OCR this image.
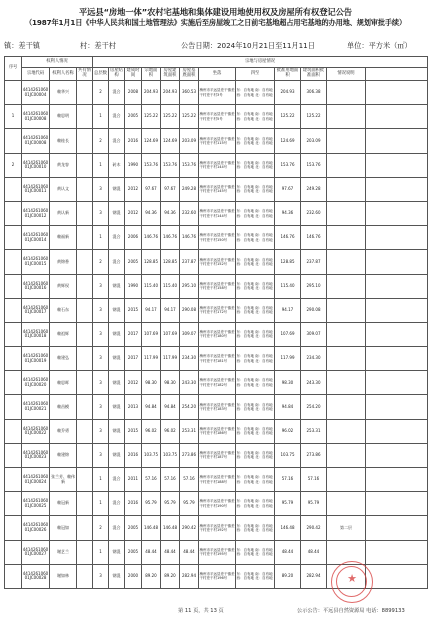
平远县“房地一体”农村宅基地和集体建设用地使用权及房屋所有权登记公告
（1987年1月1日《中华人民共和国土地管理法》实施后至房屋竣工之日前宅基地超占用宅基地的办用地、规划审批手续）
镇：差干镇	村：差干村	公告日期：2024年10月21日至11月11日	单位：平方米（㎡）
序号	权利人情况			宗地与房屋情况											
	宗地代码	权利人名称	共有情况	总层数	房屋结构	建成时间	宗地面积	房屋建筑面积	房屋基底面积	坐落	四至	批准用地面积	建筑面积批准面积	情况说明	
	441426106001JC00004	赖华兴		2	混合	2008	204.93	204.93	360.53	梅州市平远县差干镇差干村差干村3号	东：自有地 南：自有地 西：自有地 北：自有地	204.93	306.38		
1	441426106001JC00008	赖思明		1	混合	2005	125.22	125.22	125.22	梅州市平远县差干镇差干村差干村5号	东：自有地 南：自有地 西：自有地 北：自有地	125.22	125.22		
	441426106001JC00008	赖桂长		2	混合	2016	124.69	124.69	203.09	梅州市平远县差干镇差干村差干村115号	东：自有地 南：自有地 西：自有地 北：自有地	124.69	203.09		
2	441426106001JC00010	黄龙容		1	砖木	1990	153.76	153.76	153.76	梅州市平远县差干镇差干村差干村144号	东：自有地 南：自有地 西：自有地 北：自有地	153.76	153.76		
	441426106001JC00011	黄认文		3	钢混	2012	97.67	97.67	249.28	梅州市平远县差干镇差干村差干村145号	东：自有地 南：自有地 西：自有地 北：自有地	97.67	249.28		
	441426106001JC00012	黄认新		3	钢混	2012	94.36	94.36	232.60	梅州市平远县差干镇差干村差干村144号	东：自有地 南：自有地 西：自有地 北：自有地	94.36	232.60		
	441426106001JC00014	赖福新		1	混合	2006	146.76	146.76	146.76	梅州市平远县差干镇差干村差干村150号	东：自有地 南：自有地 西：自有地 北：自有地	146.76	146.76		
	441426106001JC00015	黄锦香		2	混合	2005	128.85	128.85	237.87	梅州市平远县差干镇差干村差干村152号	东：自有地 南：自有地 西：自有地 北：自有地	128.85	237.87		
	441426106001JC00016	黄辉权		3	钢混	1990	115.40	115.40	295.10	梅州市平远县差干镇差干村差干村158号	东：自有地 南：自有地 西：自有地 北：自有地	115.40	295.10		
	441426106001JC00017	赖石东		3	钢混	2015	94.17	94.17	290.08	梅州市平远县差干镇差干村差干村172号	东：自有地 南：自有地 西：自有地 北：自有地	94.17	290.08		
	441426106001JC00018	赖祖辉		3	钢混	2017	107.69	107.69	309.07	梅州市平远县差干镇差干村差干村180号	东：自有地 南：自有地 西：自有地 北：自有地	107.69	309.07		
	441426106001JC00019	赖建弘		3	钢混	2017	117.99	117.99	234.30	梅州市平远县差干镇差干村差干村181号	东：自有地 南：自有地 西：自有地 北：自有地	117.99	234.30		
	441426106001JC00020	赖思晖		3	钢混	2012	98.30	98.30	243.30	梅州市平远县差干镇差干村差干村182号	东：自有地 南：自有地 西：自有地 北：自有地	98.30	243.30		
	441426106001JC00021	赖昌模		3	钢混	2013	94.84	94.84	254.20	梅州市平远县差干镇差干村差干村183号	东：自有地 南：自有地 西：自有地 北：自有地	94.84	254.20		
	441426106001JC00022	赖乔勇		3	钢混	2015	96.02	96.02	253.31	梅州市平远县差干镇差干村差干村186号	东：自有地 南：自有地 西：自有地 北：自有地	96.02	253.31		
	441426106001JC00023	赖建锦		3	钢混	2016	103.75	103.75	273.86	梅州市平远县差干镇差干村差干村187号	东：自有地 南：自有地 西：自有地 北：自有地	103.75	273.86		
	441426106001JC00024	张兰芳、赖伟新		1	混合	2011	57.16	57.16	57.16	梅州市平远县差干镇差干村差干村188号	东：自有地 南：自有地 西：自有地 北：自有地	57.16	57.16		
	441426106001JC00025	赖冠新		1	混合	2016	95.79	95.79	95.79	梅州市平远县差干镇差干村差干村190号	东：自有地 南：自有地 西：自有地 北：自有地	95.79	95.79		
	441426106001JC00026	赖冠如		2	混合	2005	146.48	146.48	290.42	梅州市平远县差干镇差干村差干村192号	东：自有地 南：自有地 西：自有地 北：自有地	146.48	290.42	第二层	
	441426106001JC00027	谢艺兰		1	钢混	2005	48.44	48.44	48.44	梅州市平远县差干镇差干村差干村195号	东：自有地 南：自有地 西：自有地 北：自有地	48.44	48.44		
	441426106001JC00028	谢如林		3	钢混	2000	89.20	89.20	282.94	梅州市平远县差干镇差干村差干村196号	东：自有地 南：自有地 西：自有地 北：自有地	89.20	282.94		
第 11 页，共 13 页	公示公告：平远县自然资源局 电话：8899133
★
